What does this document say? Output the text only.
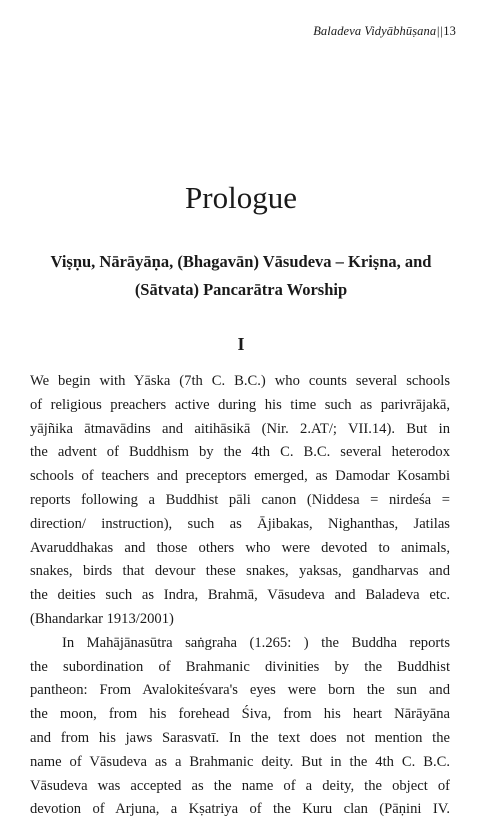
Baladeva Vidyābhūṣana||13
Prologue
Viṣṇu, Nārāyāṇa, (Bhagavān) Vāsudeva – Kriṣna, and
(Sātvata) Pancarātra Worship
I

We begin with Yāska (7th C. B.C.) who counts several schools
of religious preachers active during his time such as parivrājakā,
yājñika ātmavādins and aitihāsikā (Nir. 2.AT/; VII.14). But in
the advent of Buddhism by the 4th C. B.C. several heterodox
schools of teachers and preceptors emerged, as Damodar Kosambi
reports following a Buddhist pāli canon (Niddesa = nirdeśa =
direction/ instruction), such as Ājibakas, Nighanthas, Jatilas
Avaruddhakas and those others who were devoted to animals,
snakes, birds that devour these snakes, yaksas, gandharvas and
the deities such as Indra, Brahmā, Vāsudeva and Baladeva etc.
(Bhandarkar 1913/2001)

In Mahājānasūtra saṅgraha (1.265: ) the Buddha reports
the subordination of Brahmanic divinities by the Buddhist
pantheon: From Avalokiteśvara's eyes were born the sun and
the moon, from his forehead Śiva, from his heart Nārāyāna
and from his jaws Sarasvatī. In the text does not mention the
name of Vāsudeva as a Brahmanic deity. But in the 4th C. B.C.
Vāsudeva was accepted as the name of a deity, the object of
devotion of Arjuna, a Kṣatriya of the Kuru clan (Pāṇini IV.
